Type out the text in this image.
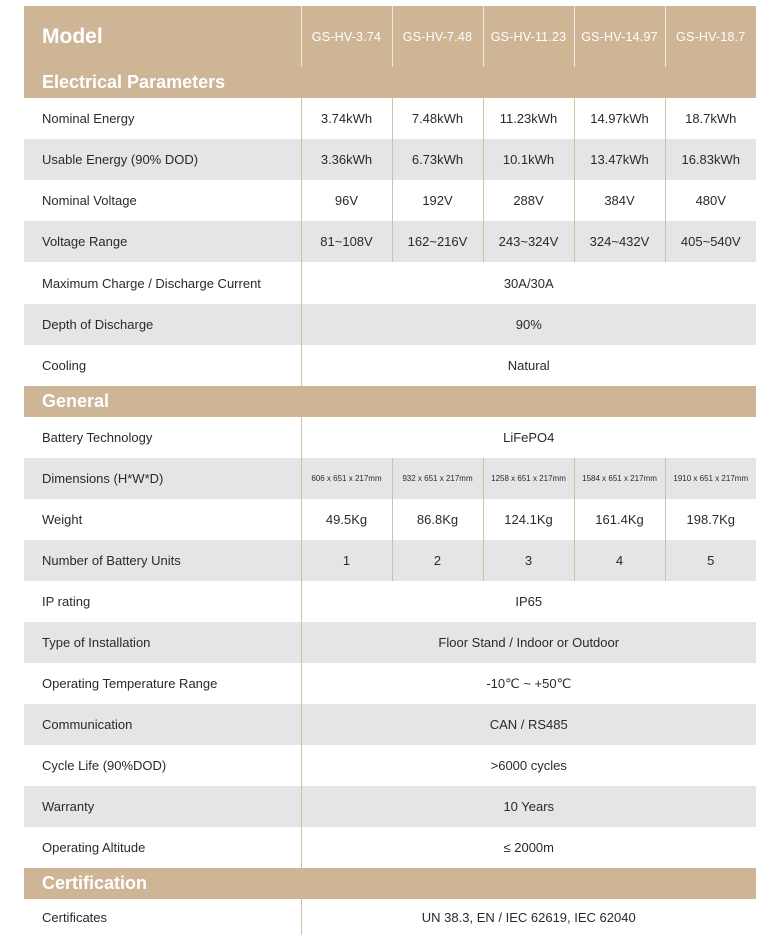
Model	GS-HV-3.74	GS-HV-7.48	GS-HV-11.23	GS-HV-14.97	GS-HV-18.7
Electrical Parameters					
Nominal Energy	3.74kWh	7.48kWh	11.23kWh	14.97kWh	18.7kWh
Usable Energy (90% DOD)	3.36kWh	6.73kWh	10.1kWh	13.47kWh	16.83kWh
Nominal Voltage	96V	192V	288V	384V	480V
Voltage Range	81~108V	162~216V	243~324V	324~432V	405~540V
Maximum Charge / Discharge Current	30A/30A				
Depth of Discharge	90%				
Cooling	Natural				
General					
Battery Technology	LiFePO4				
Dimensions (H*W*D)	606 x 651 x 217mm	932 x 651 x 217mm	1258 x 651 x 217mm	1584 x 651 x 217mm	1910 x 651 x 217mm
Weight	49.5Kg	86.8Kg	124.1Kg	161.4Kg	198.7Kg
Number of Battery Units	1	2	3	4	5
IP rating	IP65				
Type of Installation	Floor Stand / Indoor or Outdoor				
Operating Temperature Range	-10℃ ~ +50℃				
Communication	CAN / RS485				
Cycle Life (90%DOD)	>6000 cycles				
Warranty	10 Years				
Operating Altitude	≤ 2000m				
Certification					
Certificates	UN 38.3, EN / IEC 62619, IEC 62040				
